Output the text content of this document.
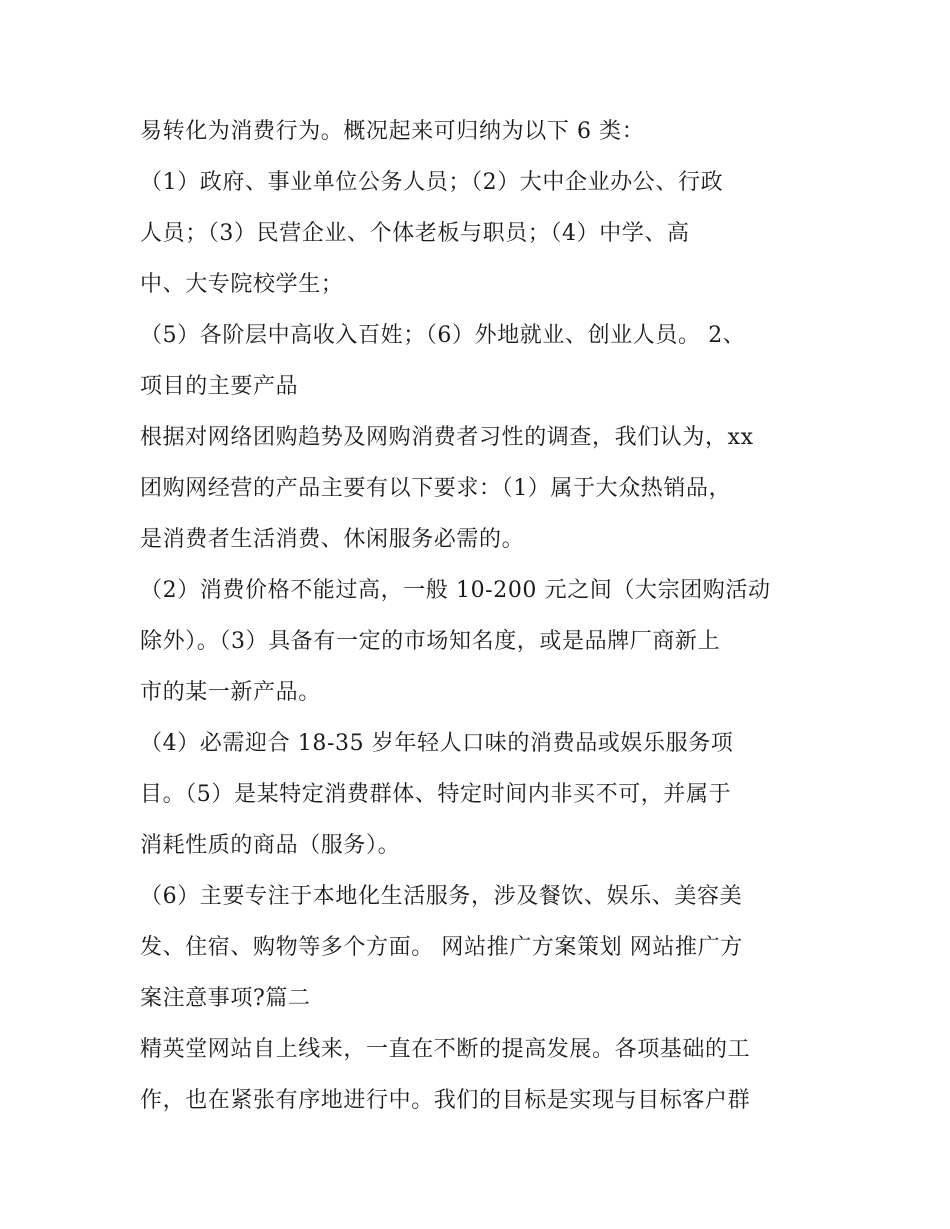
易转化为消费行为。概况起来可归纳为以下 6 类：
（1）政府、事业单位公务人员；（2）大中企业办公、行政
人员；（3）民营企业、个体老板与职员；（4）中学、高
中、大专院校学生；
（5）各阶层中高收入百姓；（6）外地就业、创业人员。 2、
项目的主要产品
根据对网络团购趋势及网购消费者习性的调查，我们认为，xx
团购网经营的产品主要有以下要求：（1）属于大众热销品，
是消费者生活消费、休闲服务必需的。
（2）消费价格不能过高，一般 10-200 元之间（大宗团购活动
除外）。（3）具备有一定的市场知名度，或是品牌厂商新上
市的某一新产品。
（4）必需迎合 18-35 岁年轻人口味的消费品或娱乐服务项
目。（5）是某特定消费群体、特定时间内非买不可，并属于
消耗性质的商品（服务）。
（6）主要专注于本地化生活服务，涉及餐饮、娱乐、美容美
发、住宿、购物等多个方面。 网站推广方案策划 网站推广方
案注意事项?篇二
精英堂网站自上线来，一直在不断的提高发展。各项基础的工
作，也在紧张有序地进行中。我们的目标是实现与目标客户群
